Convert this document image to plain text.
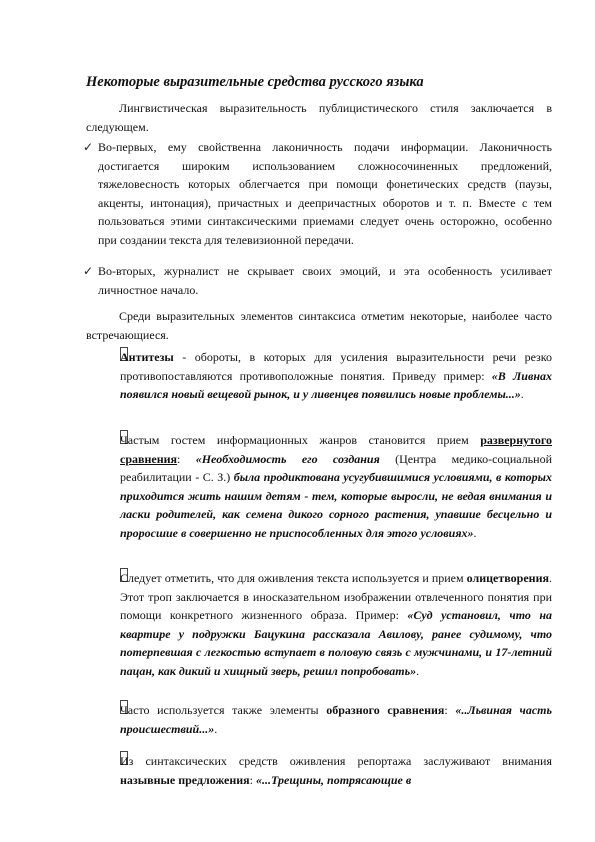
Некоторые выразительные средства русского языка

Лингвистическая выразительность публицистического стиля заключается в следующем.

✓ Во-первых, ему свойственна лаконичность подачи информации. Лаконичность достигается широким использованием сложносочиненных предложений, тяжеловесность которых облегчается при помощи фонетических средств (паузы, акценты, интонация), причастных и деепричастных оборотов и т. п. Вместе с тем пользоваться этими синтаксическими приемами следует очень осторожно, особенно при создании текста для телевизионной передачи.

✓ Во-вторых, журналист не скрывает своих эмоций, и эта особенность усиливает личностное начало.

Среди выразительных элементов синтаксиса отметим некоторые, наиболее часто встречающиеся.

Антитезы - обороты, в которых для усиления выразительности речи резко противопоставляются противоположные понятия. Приведу пример: «В Ливнах появился новый вещевой рынок, и у ливенцев появились новые проблемы...».

Частым гостем информационных жанров становится прием развернутого сравнения: «Необходимость его создания (Центра медико-социальной реабилитации - С. З.) была продиктована усугубившимися условиями, в которых приходится жить нашим детям - тем, которые выросли, не ведая внимания и ласки родителей, как семена дикого сорного растения, упавшие бесцельно и проросшие в совершенно не приспособленных для этого условиях».

Следует отметить, что для оживления текста используется и прием олицетворения. Этот троп заключается в иносказательном изображении отвлеченного понятия при помощи конкретного жизненного образа. Пример: «Суд установил, что на квартире у подружки Бацукина рассказала Авилову, ранее судимому, что потерпевшая с легкостью вступает в половую связь с мужчинами, и 17-летний пацан, как дикий и хищный зверь, решил попробовать».

Часто используется также элементы образного сравнения: «..Львиная часть происшествий...».

Из синтаксических средств оживления репортажа заслуживают внимания назывные предложения: «...Трещины, потрясающие в
